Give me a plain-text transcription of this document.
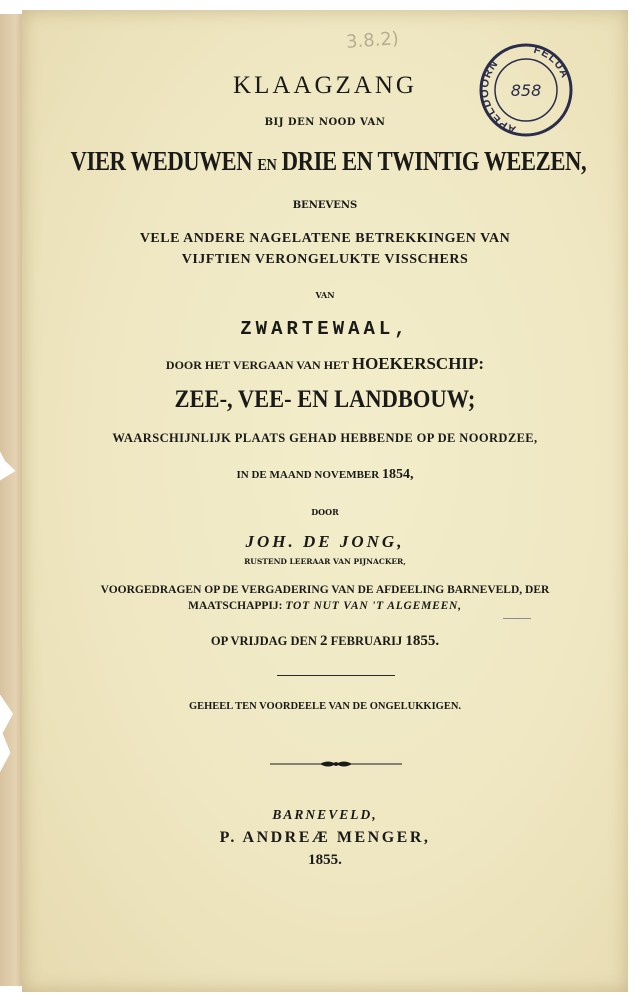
3.8.2)
APELDOORN
FELUA
858
KLAAGZANG
BIJ DEN NOOD VAN
VIER WEDUWEN EN DRIE EN TWINTIG WEEZEN,
BENEVENS
VELE ANDERE NAGELATENE BETREKKINGEN VAN
VIJFTIEN VERONGELUKTE VISSCHERS
VAN
ZWARTEWAAL,
DOOR HET VERGAAN VAN HET HOEKERSCHIP:
ZEE-, VEE- EN LANDBOUW;
WAARSCHIJNLIJK PLAATS GEHAD HEBBENDE OP DE NOORDZEE,
IN DE MAAND NOVEMBER 1854,
DOOR
JOH. DE JONG,
RUSTEND LEERAAR VAN PIJNACKER,
VOORGEDRAGEN OP DE VERGADERING VAN DE AFDEELING BARNEVELD, DER
MAATSCHAPPIJ: TOT NUT VAN 'T ALGEMEEN,
OP VRIJDAG DEN 2 FEBRUARIJ 1855.
GEHEEL TEN VOORDEELE VAN DE ONGELUKKIGEN.
BARNEVELD,
P. ANDREÆ MENGER,
1855.
